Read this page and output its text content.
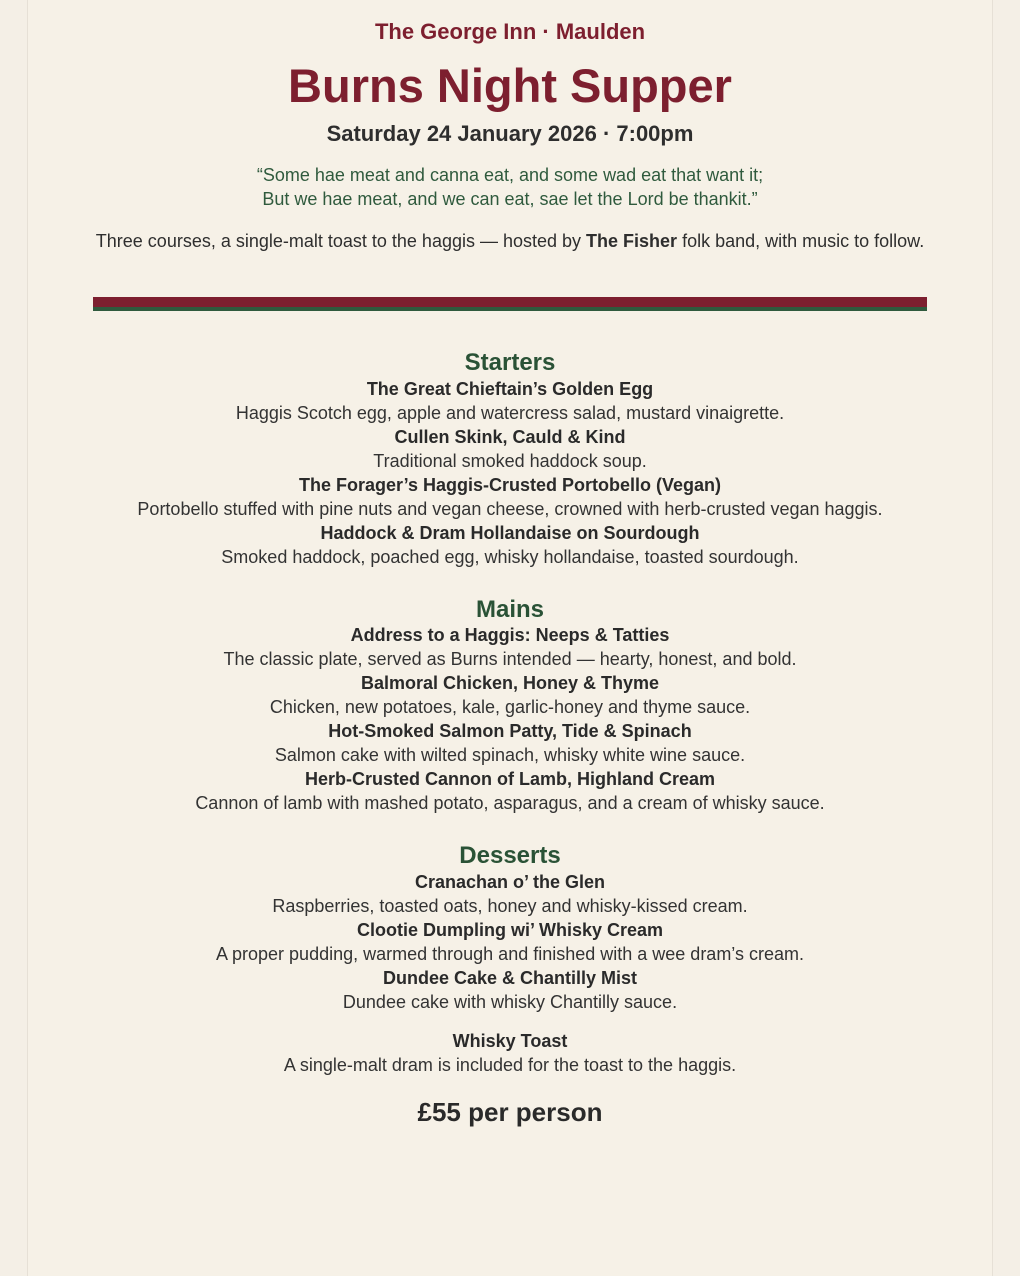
The George Inn · Maulden
Burns Night Supper
Saturday 24 January 2026 · 7:00pm
“Some hae meat and canna eat, and some wad eat that want it;
But we hae meat, and we can eat, sae let the Lord be thankit.”
Three courses, a single-malt toast to the haggis — hosted by The Fisher folk band, with music to follow.
Starters
The Great Chieftain’s Golden Egg
Haggis Scotch egg, apple and watercress salad, mustard vinaigrette.
Cullen Skink, Cauld & Kind
Traditional smoked haddock soup.
The Forager’s Haggis-Crusted Portobello (Vegan)
Portobello stuffed with pine nuts and vegan cheese, crowned with herb-crusted vegan haggis.
Haddock & Dram Hollandaise on Sourdough
Smoked haddock, poached egg, whisky hollandaise, toasted sourdough.
Mains
Address to a Haggis: Neeps & Tatties
The classic plate, served as Burns intended — hearty, honest, and bold.
Balmoral Chicken, Honey & Thyme
Chicken, new potatoes, kale, garlic-honey and thyme sauce.
Hot-Smoked Salmon Patty, Tide & Spinach
Salmon cake with wilted spinach, whisky white wine sauce.
Herb-Crusted Cannon of Lamb, Highland Cream
Cannon of lamb with mashed potato, asparagus, and a cream of whisky sauce.
Desserts
Cranachan o’ the Glen
Raspberries, toasted oats, honey and whisky-kissed cream.
Clootie Dumpling wi’ Whisky Cream
A proper pudding, warmed through and finished with a wee dram’s cream.
Dundee Cake & Chantilly Mist
Dundee cake with whisky Chantilly sauce.
Whisky Toast
A single-malt dram is included for the toast to the haggis.
£55 per person
